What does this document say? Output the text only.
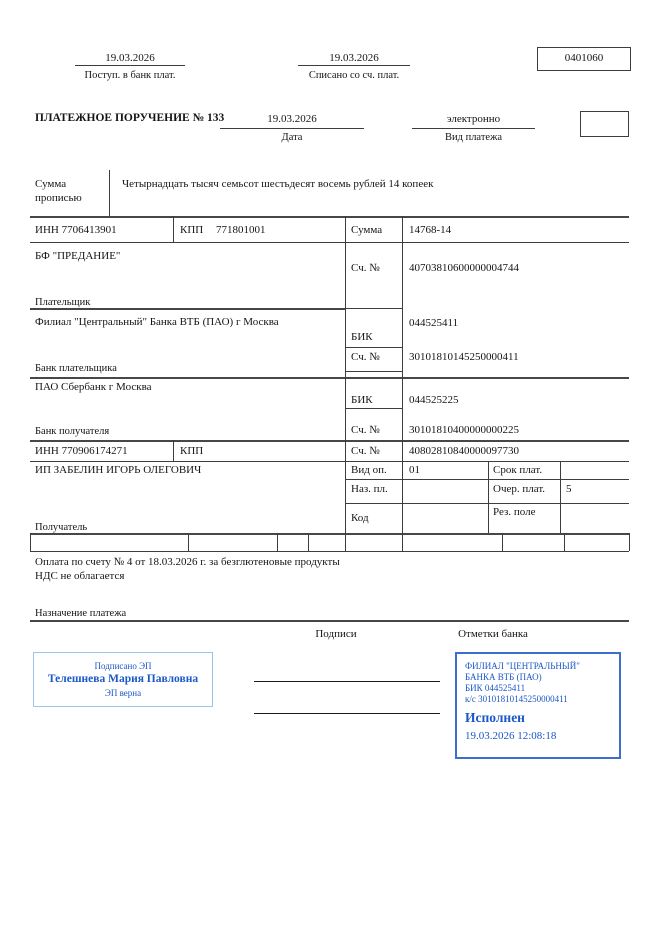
19.03.2026
Поступ. в банк плат.
19.03.2026
Списано со сч. плат.
0401060
ПЛАТЕЖНОЕ ПОРУЧЕНИЕ № 133	19.03.2026
Дата
электронно
Вид платежа
Сумма
прописью
Четырнадцать тысяч семьсот шестьдесят восемь рублей 14 копеек
ИНН 7706413901	КПП 771801001	Сумма 14768-14
БФ "ПРЕДАНИЕ"
Сч. №	40703810600000004744
Плательщик
Филиал "Центральный" Банка ВТБ (ПАО) г Москва	044525411
БИК
Сч. №	30101810145250000411
Банк плательщика
ПАО Сбербанк г Москва
БИК	044525225
Банк получателя	Сч. №	30101810400000000225
ИНН 770906174271	КПП	Сч. №	40802810840000097730
ИП ЗАБЕЛИН ИГОРЬ ОЛЕГОВИЧ	Вид оп. 01	Срок плат.
Наз. пл.	Очер. плат. 5
Код	Рез. поле
Получатель
Оплата по счету № 4 от 18.03.2026 г. за безглютеновые продукты
НДС не облагается
Назначение платежа
Подписи	Отметки банка
Подписано ЭП
Телешнева Мария Павловна
ЭП верна
ФИЛИАЛ "ЦЕНТРАЛЬНЫЙ" БАНКА ВТБ (ПАО)
БИК 044525411
к/с 30101810145250000411
Исполнен
19.03.2026 12:08:18
